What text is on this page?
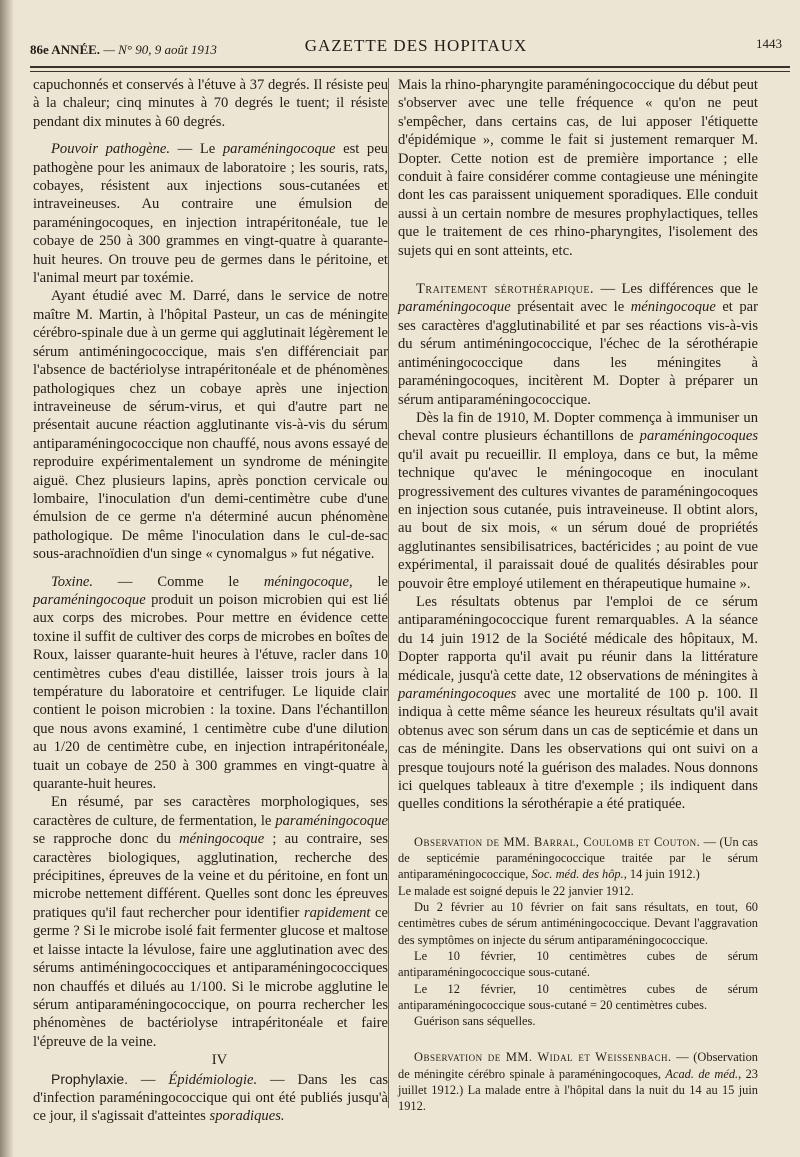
86e ANNÉE. — N° 90, 9 août 1913	GAZETTE DES HOPITAUX	1443

capuchonnés et conservés à l'étuve à 37 degrés. Il résiste peu à la chaleur; cinq minutes à 70 degrés le tuent; il résiste pendant dix minutes à 60 degrés.

Pouvoir pathogène. — Le paraméningocoque est peu pathogène pour les animaux de laboratoire ; les souris, rats, cobayes, résistent aux injections sous-cutanées et intraveineuses. Au contraire une émulsion de paraméningocoques, en injection intrapéritonéale, tue le cobaye de 250 à 300 grammes en vingt-quatre à quarante-huit heures. On trouve peu de germes dans le péritoine, et l'animal meurt par toxémie.

Ayant étudié avec M. Darré, dans le service de notre maître M. Martin, à l'hôpital Pasteur, un cas de méningite cérébro-spinale due à un germe qui agglutinait légèrement le sérum antiméningococcique, mais s'en différenciait par l'absence de bactériolyse intrapéritonéale et de phénomènes pathologiques chez un cobaye après une injection intraveineuse de sérum-virus, et qui d'autre part ne présentait aucune réaction agglutinante vis-à-vis du sérum antiparaméningococcique non chauffé, nous avons essayé de reproduire expérimentalement un syndrome de méningite aiguë. Chez plusieurs lapins, après ponction cervicale ou lombaire, l'inoculation d'un demi-centimètre cube d'une émulsion de ce germe n'a déterminé aucun phénomène pathologique. De même l'inoculation dans le cul-de-sac sous-arachnoïdien d'un singe « cynomalgus » fut négative.

Toxine. — Comme le méningocoque, le paraméningocoque produit un poison microbien qui est lié aux corps des microbes. Pour mettre en évidence cette toxine il suffit de cultiver des corps de microbes en boîtes de Roux, laisser quarante-huit heures à l'étuve, racler dans 10 centimètres cubes d'eau distillée, laisser trois jours à la température du laboratoire et centrifuger. Le liquide clair contient le poison microbien : la toxine. Dans l'échantillon que nous avons examiné, 1 centimètre cube d'une dilution au 1/20 de centimètre cube, en injection intrapéritonéale, tuait un cobaye de 250 à 300 grammes en vingt-quatre à quarante-huit heures.

En résumé, par ses caractères morphologiques, ses caractères de culture, de fermentation, le paraméningocoque se rapproche donc du méningocoque ; au contraire, ses caractères biologiques, agglutination, recherche des précipitines, épreuves de la veine et du péritoine, en font un microbe nettement différent. Quelles sont donc les épreuves pratiques qu'il faut rechercher pour identifier rapidement ce germe ? Si le microbe isolé fait fermenter glucose et maltose et laisse intacte la lévulose, faire une agglutination avec des sérums antiméningococciques et antiparaméningococciques non chauffés et dilués au 1/100. Si le microbe agglutine le sérum antiparaméningococcique, on pourra rechercher les phénomènes de bactériolyse intrapéritonéale et faire l'épreuve de la veine.

IV

Prophylaxie. — Épidémiologie. — Dans les cas d'infection paraméningococcique qui ont été publiés jusqu'à ce jour, il s'agissait d'atteintes sporadiques.

Mais la rhino-pharyngite paraméningococcique du début peut s'observer avec une telle fréquence « qu'on ne peut s'empêcher, dans certains cas, de lui apposer l'étiquette d'épidémique », comme le fait si justement remarquer M. Dopter. Cette notion est de première importance ; elle conduit à faire considérer comme contagieuse une méningite dont les cas paraissent uniquement sporadiques. Elle conduit aussi à un certain nombre de mesures prophylactiques, telles que le traitement de ces rhino-pharyngites, l'isolement des sujets qui en sont atteints, etc.

Traitement sérothérapique. — Les différences que le paraméningocoque présentait avec le méningocoque et par ses caractères d'agglutinabilité et par ses réactions vis-à-vis du sérum antiméningococcique, l'échec de la sérothérapie antiméningococcique dans les méningites à paraméningocoques, incitèrent M. Dopter à préparer un sérum antiparaméningococcique.

Dès la fin de 1910, M. Dopter commença à immuniser un cheval contre plusieurs échantillons de paraméningocoques qu'il avait pu recueillir. Il employa, dans ce but, la même technique qu'avec le méningocoque en inoculant progressivement des cultures vivantes de paraméningocoques en injection sous cutanée, puis intraveineuse. Il obtint alors, au bout de six mois, « un sérum doué de propriétés agglutinantes sensibilisatrices, bactéricides ; au point de vue expérimental, il paraissait doué de qualités désirables pour pouvoir être employé utilement en thérapeutique humaine ».

Les résultats obtenus par l'emploi de ce sérum antiparaméningococcique furent remarquables. A la séance du 14 juin 1912 de la Société médicale des hôpitaux, M. Dopter rapporta qu'il avait pu réunir dans la littérature médicale, jusqu'à cette date, 12 observations de méningites à paraméningocoques avec une mortalité de 100 p. 100. Il indiqua à cette même séance les heureux résultats qu'il avait obtenus avec son sérum dans un cas de septicémie et dans un cas de méningite. Dans les observations qui ont suivi on a presque toujours noté la guérison des malades. Nous donnons ici quelques tableaux à titre d'exemple ; ils indiquent dans quelles conditions la sérothérapie a été pratiquée.

Observation de MM. Barral, Coulomb et Couton. — (Un cas de septicémie paraméningococcique traitée par le sérum antiparaméningococcique, Soc. méd. des hôp., 14 juin 1912.)

Le malade est soigné depuis le 22 janvier 1912.

Du 2 février au 10 février on fait sans résultats, en tout, 60 centimètres cubes de sérum antiméningococcique. Devant l'aggravation des symptômes on injecte du sérum antiparaméningococcique.

Le 10 février, 10 centimètres cubes de sérum antiparaméningococcique sous-cutané.

Le 12 février, 10 centimètres cubes de sérum antiparaméningococcique sous-cutané = 20 centimètres cubes.

Guérison sans séquelles.

Observation de MM. Widal et Weissenbach. — (Observation de méningite cérébro spinale à paraméningocoques, Acad. de méd., 23 juillet 1912.) La malade entre à l'hôpital dans la nuit du 14 au 15 juin 1912.
